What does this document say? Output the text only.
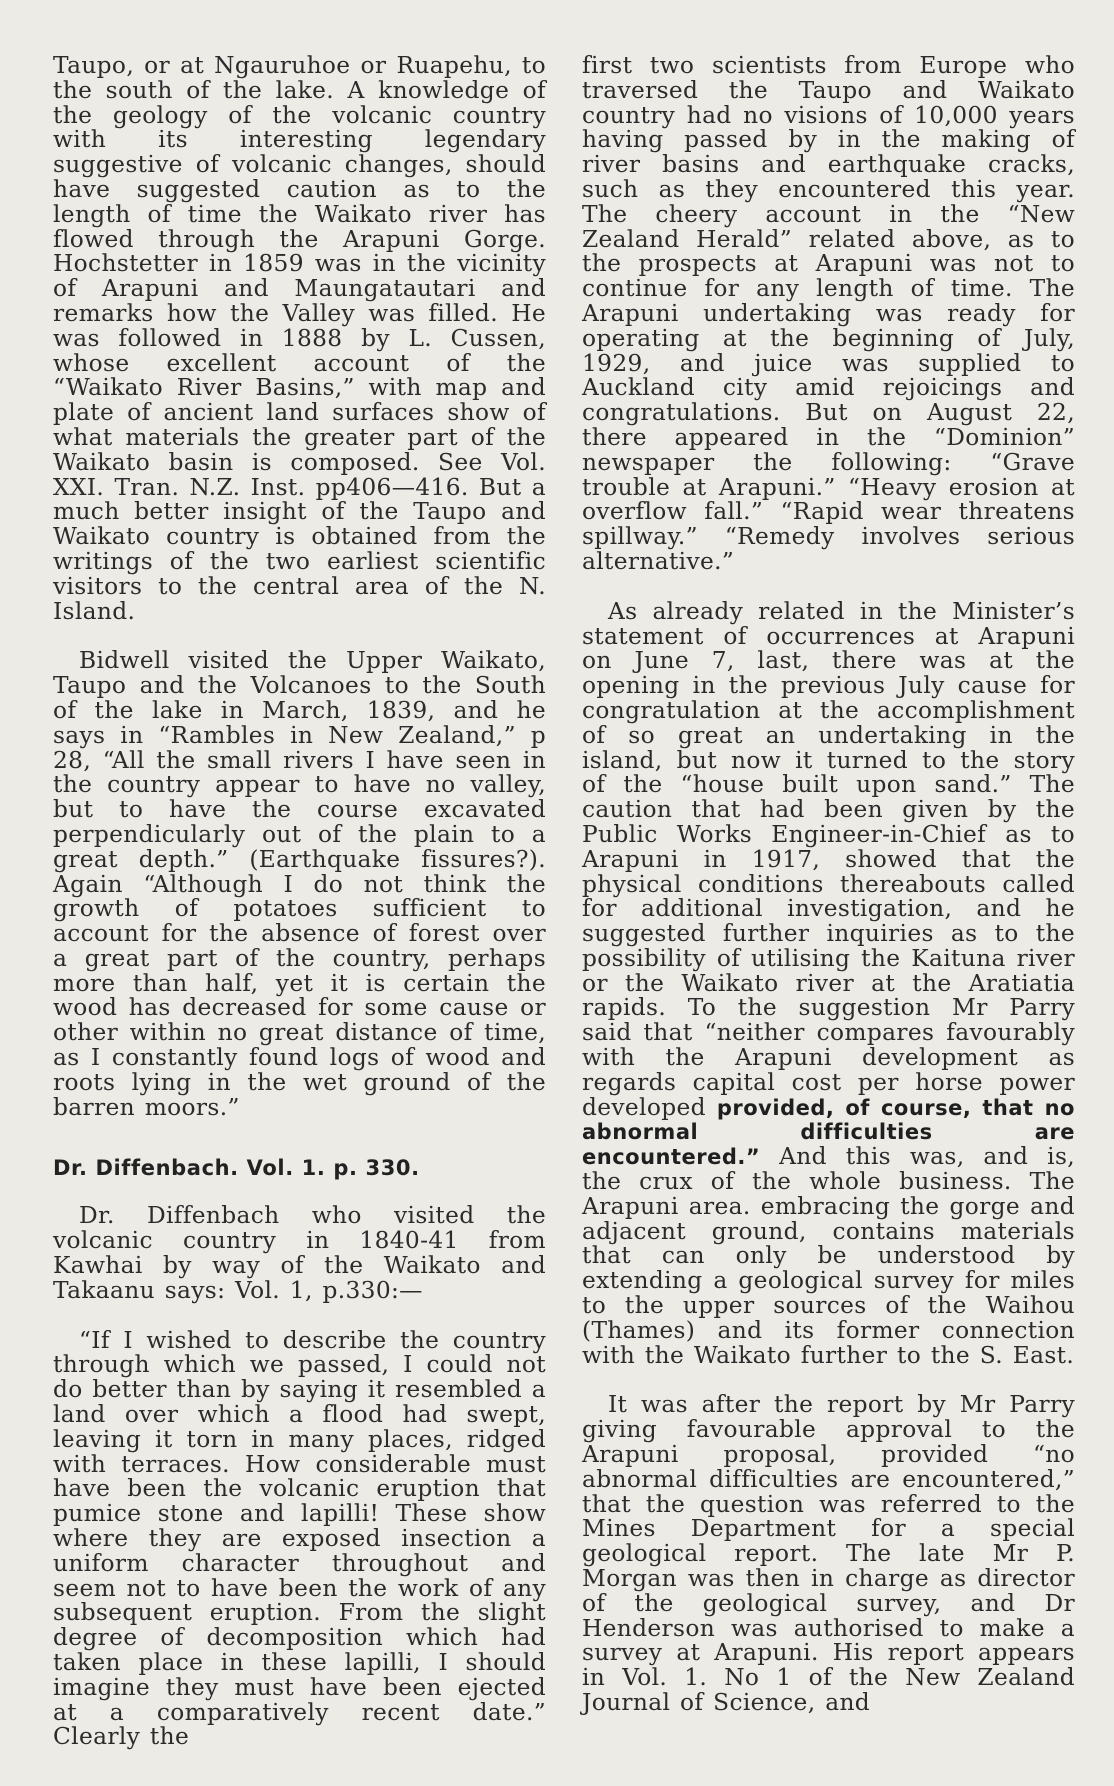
Taupo, or at Ngauruhoe or Ruapehu, to the south of the lake. A knowledge of the geology of the volcanic country with its interesting legendary suggestive of volcanic changes, should have suggested caution as to the length of time the Waikato river has flowed through the Arapuni Gorge. Hochstetter in 1859 was in the vicinity of Arapuni and Maungatautari and remarks how the Valley was filled. He was followed in 1888 by L. Cussen, whose excellent account of the “Waikato River Basins,” with map and plate of ancient land surfaces show of what materials the greater part of the Waikato basin is composed. See Vol. XXI. Tran. N.Z. Inst. pp406—416. But a much better insight of the Taupo and Waikato country is obtained from the writings of the two earliest scientific visitors to the central area of the N. Island.

Bidwell visited the Upper Waikato, Taupo and the Volcanoes to the South of the lake in March, 1839, and he says in “Rambles in New Zealand,” p 28, “All the small rivers I have seen in the country appear to have no valley, but to have the course excavated perpendicularly out of the plain to a great depth.” (Earthquake fissures?). Again “Although I do not think the growth of potatoes sufficient to account for the absence of forest over a great part of the country, perhaps more than half, yet it is certain the wood has decreased for some cause or other within no great distance of time, as I constantly found logs of wood and roots lying in the wet ground of the barren moors.”

Dr. Diffenbach. Vol. 1. p. 330.

Dr. Diffenbach who visited the volcanic country in 1840-41 from Kawhai by way of the Waikato and Takaanu says: Vol. 1, p.330:—

“If I wished to describe the country through which we passed, I could not do better than by saying it resembled a land over which a flood had swept, leaving it torn in many places, ridged with terraces. How considerable must have been the volcanic eruption that pumice stone and lapilli! These show where they are exposed insection a uniform character throughout and seem not to have been the work of any subsequent eruption. From the slight degree of decomposition which had taken place in these lapilli, I should imagine they must have been ejected at a comparatively recent date.” Clearly the

first two scientists from Europe who traversed the Taupo and Waikato country had no visions of 10,000 years having passed by in the making of river basins and earthquake cracks, such as they encountered this year. The cheery account in the “New Zealand Herald” related above, as to the prospects at Arapuni was not to continue for any length of time. The Arapuni undertaking was ready for operating at the beginning of July, 1929, and juice was supplied to Auckland city amid rejoicings and congratulations. But on August 22, there appeared in the “Dominion” newspaper the following: “Grave trouble at Arapuni.” “Heavy erosion at overflow fall.” “Rapid wear threatens spillway.” “Remedy involves serious alternative.”

As already related in the Minister’s statement of occurrences at Arapuni on June 7, last, there was at the opening in the previous July cause for congratulation at the accomplishment of so great an undertaking in the island, but now it turned to the story of the “house built upon sand.” The caution that had been given by the Public Works Engineer-in-Chief as to Arapuni in 1917, showed that the physical conditions thereabouts called for additional investigation, and he suggested further inquiries as to the possibility of utilising the Kaituna river or the Waikato river at the Aratiatia rapids. To the suggestion Mr Parry said that “neither compares favourably with the Arapuni development as regards capital cost per horse power developed provided, of course, that no abnormal difficulties are encountered.” And this was, and is, the crux of the whole business. The Arapuni area. embracing the gorge and adjacent ground, contains materials that can only be understood by extending a geological survey for miles to the upper sources of the Waihou (Thames) and its former connection with the Waikato further to the S. East.

It was after the report by Mr Parry giving favourable approval to the Arapuni proposal, provided “no abnormal difficulties are encountered,” that the question was referred to the Mines Department for a special geological report. The late Mr P. Morgan was then in charge as director of the geological survey, and Dr Henderson was authorised to make a survey at Arapuni. His report appears in Vol. 1. No 1 of the New Zealand Journal of Science, and
